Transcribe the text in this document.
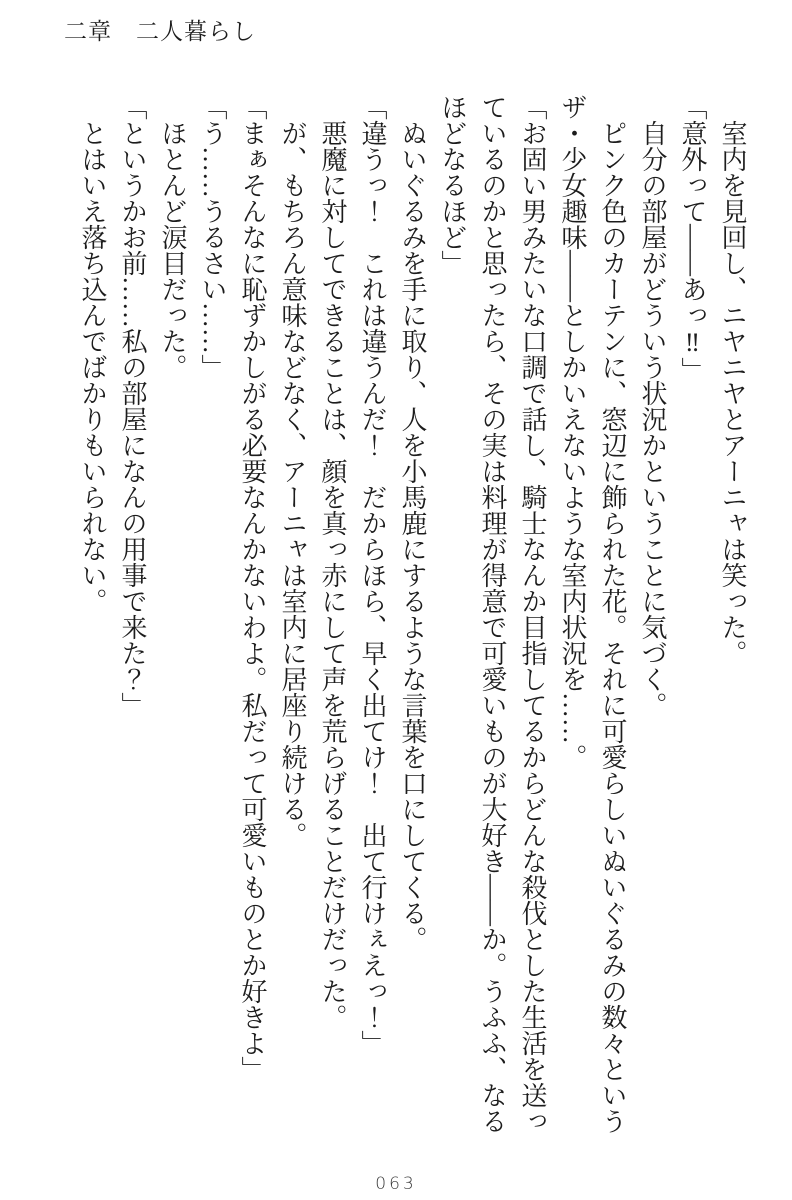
二章　二人暮らし

　室内を見回し、ニヤニヤとアーニャは笑った。

「意外って――あっ‼」

　自分の部屋がどういう状況かということに気づく。

　ピンク色のカーテンに、窓辺に飾られた花。それに可愛らしいぬいぐるみの数々というザ・少女趣味――としかいえないような室内状況を……。

「お固い男みたいな口調で話し、騎士なんか目指してるからどんな殺伐とした生活を送っているのかと思ったら、その実は料理が得意で可愛いものが大好き――か。うふふ、なるほどなるほど」

　ぬいぐるみを手に取り、人を小馬鹿にするような言葉を口にしてくる。

「違うっ！　これは違うんだ！　だからほら、早く出てけ！　出て行けぇえっ！」

　悪魔に対してできることは、顔を真っ赤にして声を荒らげることだけだった。

　が、もちろん意味などなく、アーニャは室内に居座り続ける。

「まぁそんなに恥ずかしがる必要なんかないわよ。私だって可愛いものとか好きよ」

「う……うるさい……」

　ほとんど涙目だった。

「というかお前……私の部屋になんの用事で来た？」

　とはいえ落ち込んでばかりもいられない。

063
